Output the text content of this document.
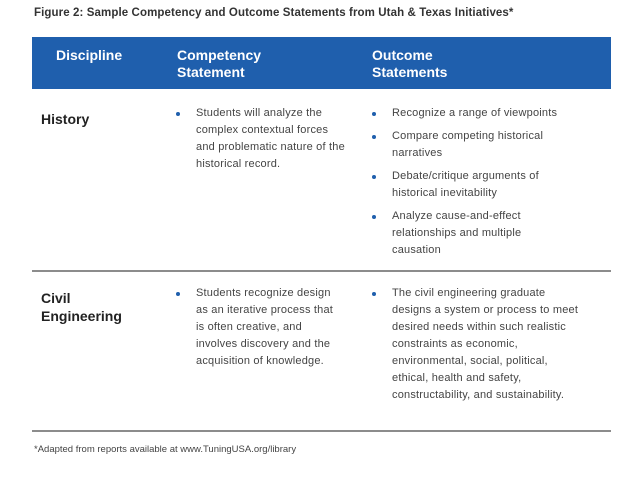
Figure 2: Sample Competency and Outcome Statements from Utah & Texas Initiatives*
Discipline	Competency
Statement
Outcome
Statements
History	Students will analyze the complex contextual forces and problematic nature of the historical record.
Recognize a range of viewpoints
Compare competing historical narratives
Debate/critique arguments of historical inevitability
Analyze cause-and-effect relationships and multiple causation
Civil
Engineering
Students recognize design as an iterative process that is often creative, and involves discovery and the acquisition of knowledge.
The civil engineering graduate designs a system or process to meet desired needs within such realistic constraints as economic, environmental, social, political, ethical, health and safety, constructability, and sustainability.
*Adapted from reports available at www.TuningUSA.org/library
